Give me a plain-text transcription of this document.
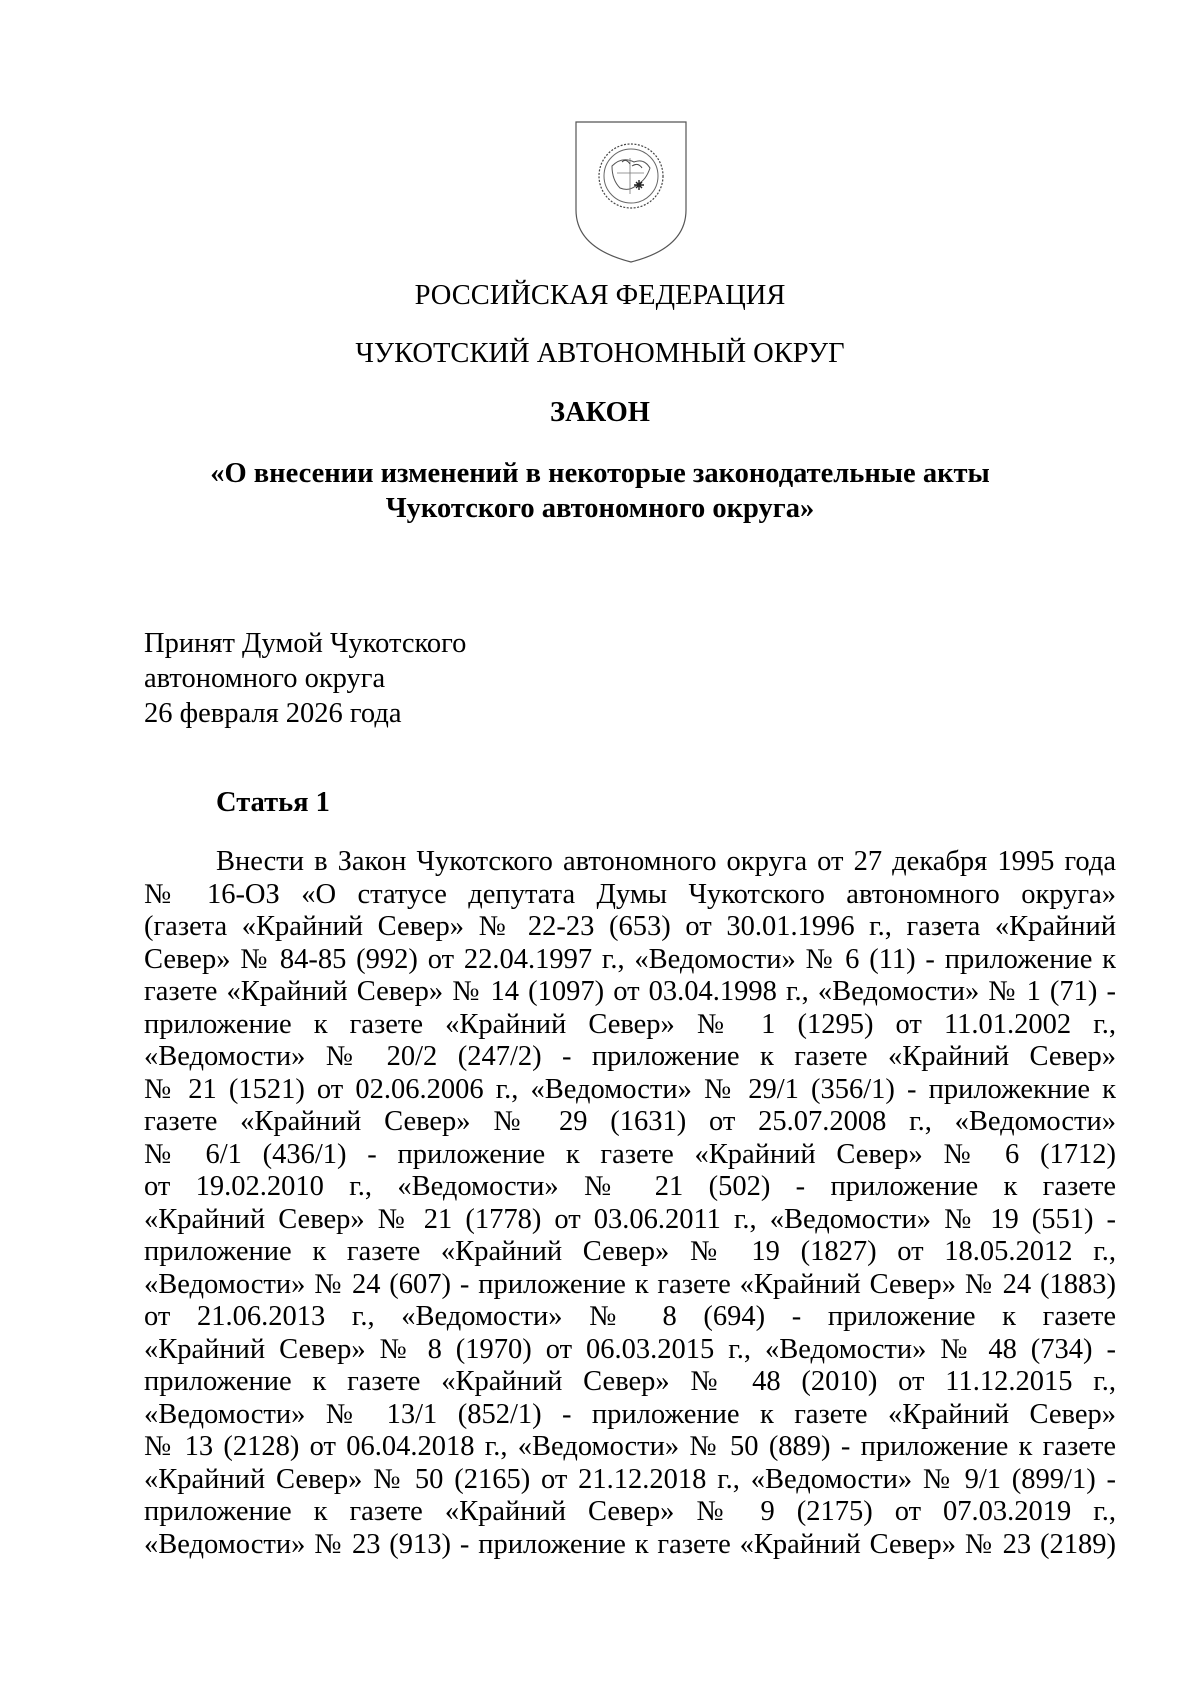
РОССИЙСКАЯ ФЕДЕРАЦИЯ
ЧУКОТСКИЙ АВТОНОМНЫЙ ОКРУГ
ЗАКОН
«О внесении изменений в некоторые законодательные акты
Чукотского автономного округа»
Принят Думой Чукотского
автономного округа
26 февраля 2026 года
Статья 1
Внести в Закон Чукотского автономного округа от 27 декабря 1995 года
№ 16-ОЗ «О статусе депутата Думы Чукотского автономного округа»
(газета «Крайний Север» № 22-23 (653) от 30.01.1996 г., газета «Крайний
Север» № 84-85 (992) от 22.04.1997 г., «Ведомости» № 6 (11) - приложение к
газете «Крайний Север» № 14 (1097) от 03.04.1998 г., «Ведомости» № 1 (71) -
приложение к газете «Крайний Север» № 1 (1295) от 11.01.2002 г.,
«Ведомости» № 20/2 (247/2) - приложение к газете «Крайний Север»
№ 21 (1521) от 02.06.2006 г., «Ведомости» № 29/1 (356/1) - приложекние к
газете «Крайний Север» № 29 (1631) от 25.07.2008 г., «Ведомости»
№ 6/1 (436/1) - приложение к газете «Крайний Север» № 6 (1712)
от 19.02.2010 г., «Ведомости» № 21 (502) - приложение к газете
«Крайний Север» № 21 (1778) от 03.06.2011 г., «Ведомости» № 19 (551) -
приложение к газете «Крайний Север» № 19 (1827) от 18.05.2012 г.,
«Ведомости» № 24 (607) - приложение к газете «Крайний Север» № 24 (1883)
от 21.06.2013 г., «Ведомости» № 8 (694) - приложение к газете
«Крайний Север» № 8 (1970) от 06.03.2015 г., «Ведомости» № 48 (734) -
приложение к газете «Крайний Север» № 48 (2010) от 11.12.2015 г.,
«Ведомости» № 13/1 (852/1) - приложение к газете «Крайний Север»
№ 13 (2128) от 06.04.2018 г., «Ведомости» № 50 (889) - приложение к газете
«Крайний Север» № 50 (2165) от 21.12.2018 г., «Ведомости» № 9/1 (899/1) -
приложение к газете «Крайний Север» № 9 (2175) от 07.03.2019 г.,
«Ведомости» № 23 (913) - приложение к газете «Крайний Север» № 23 (2189)
